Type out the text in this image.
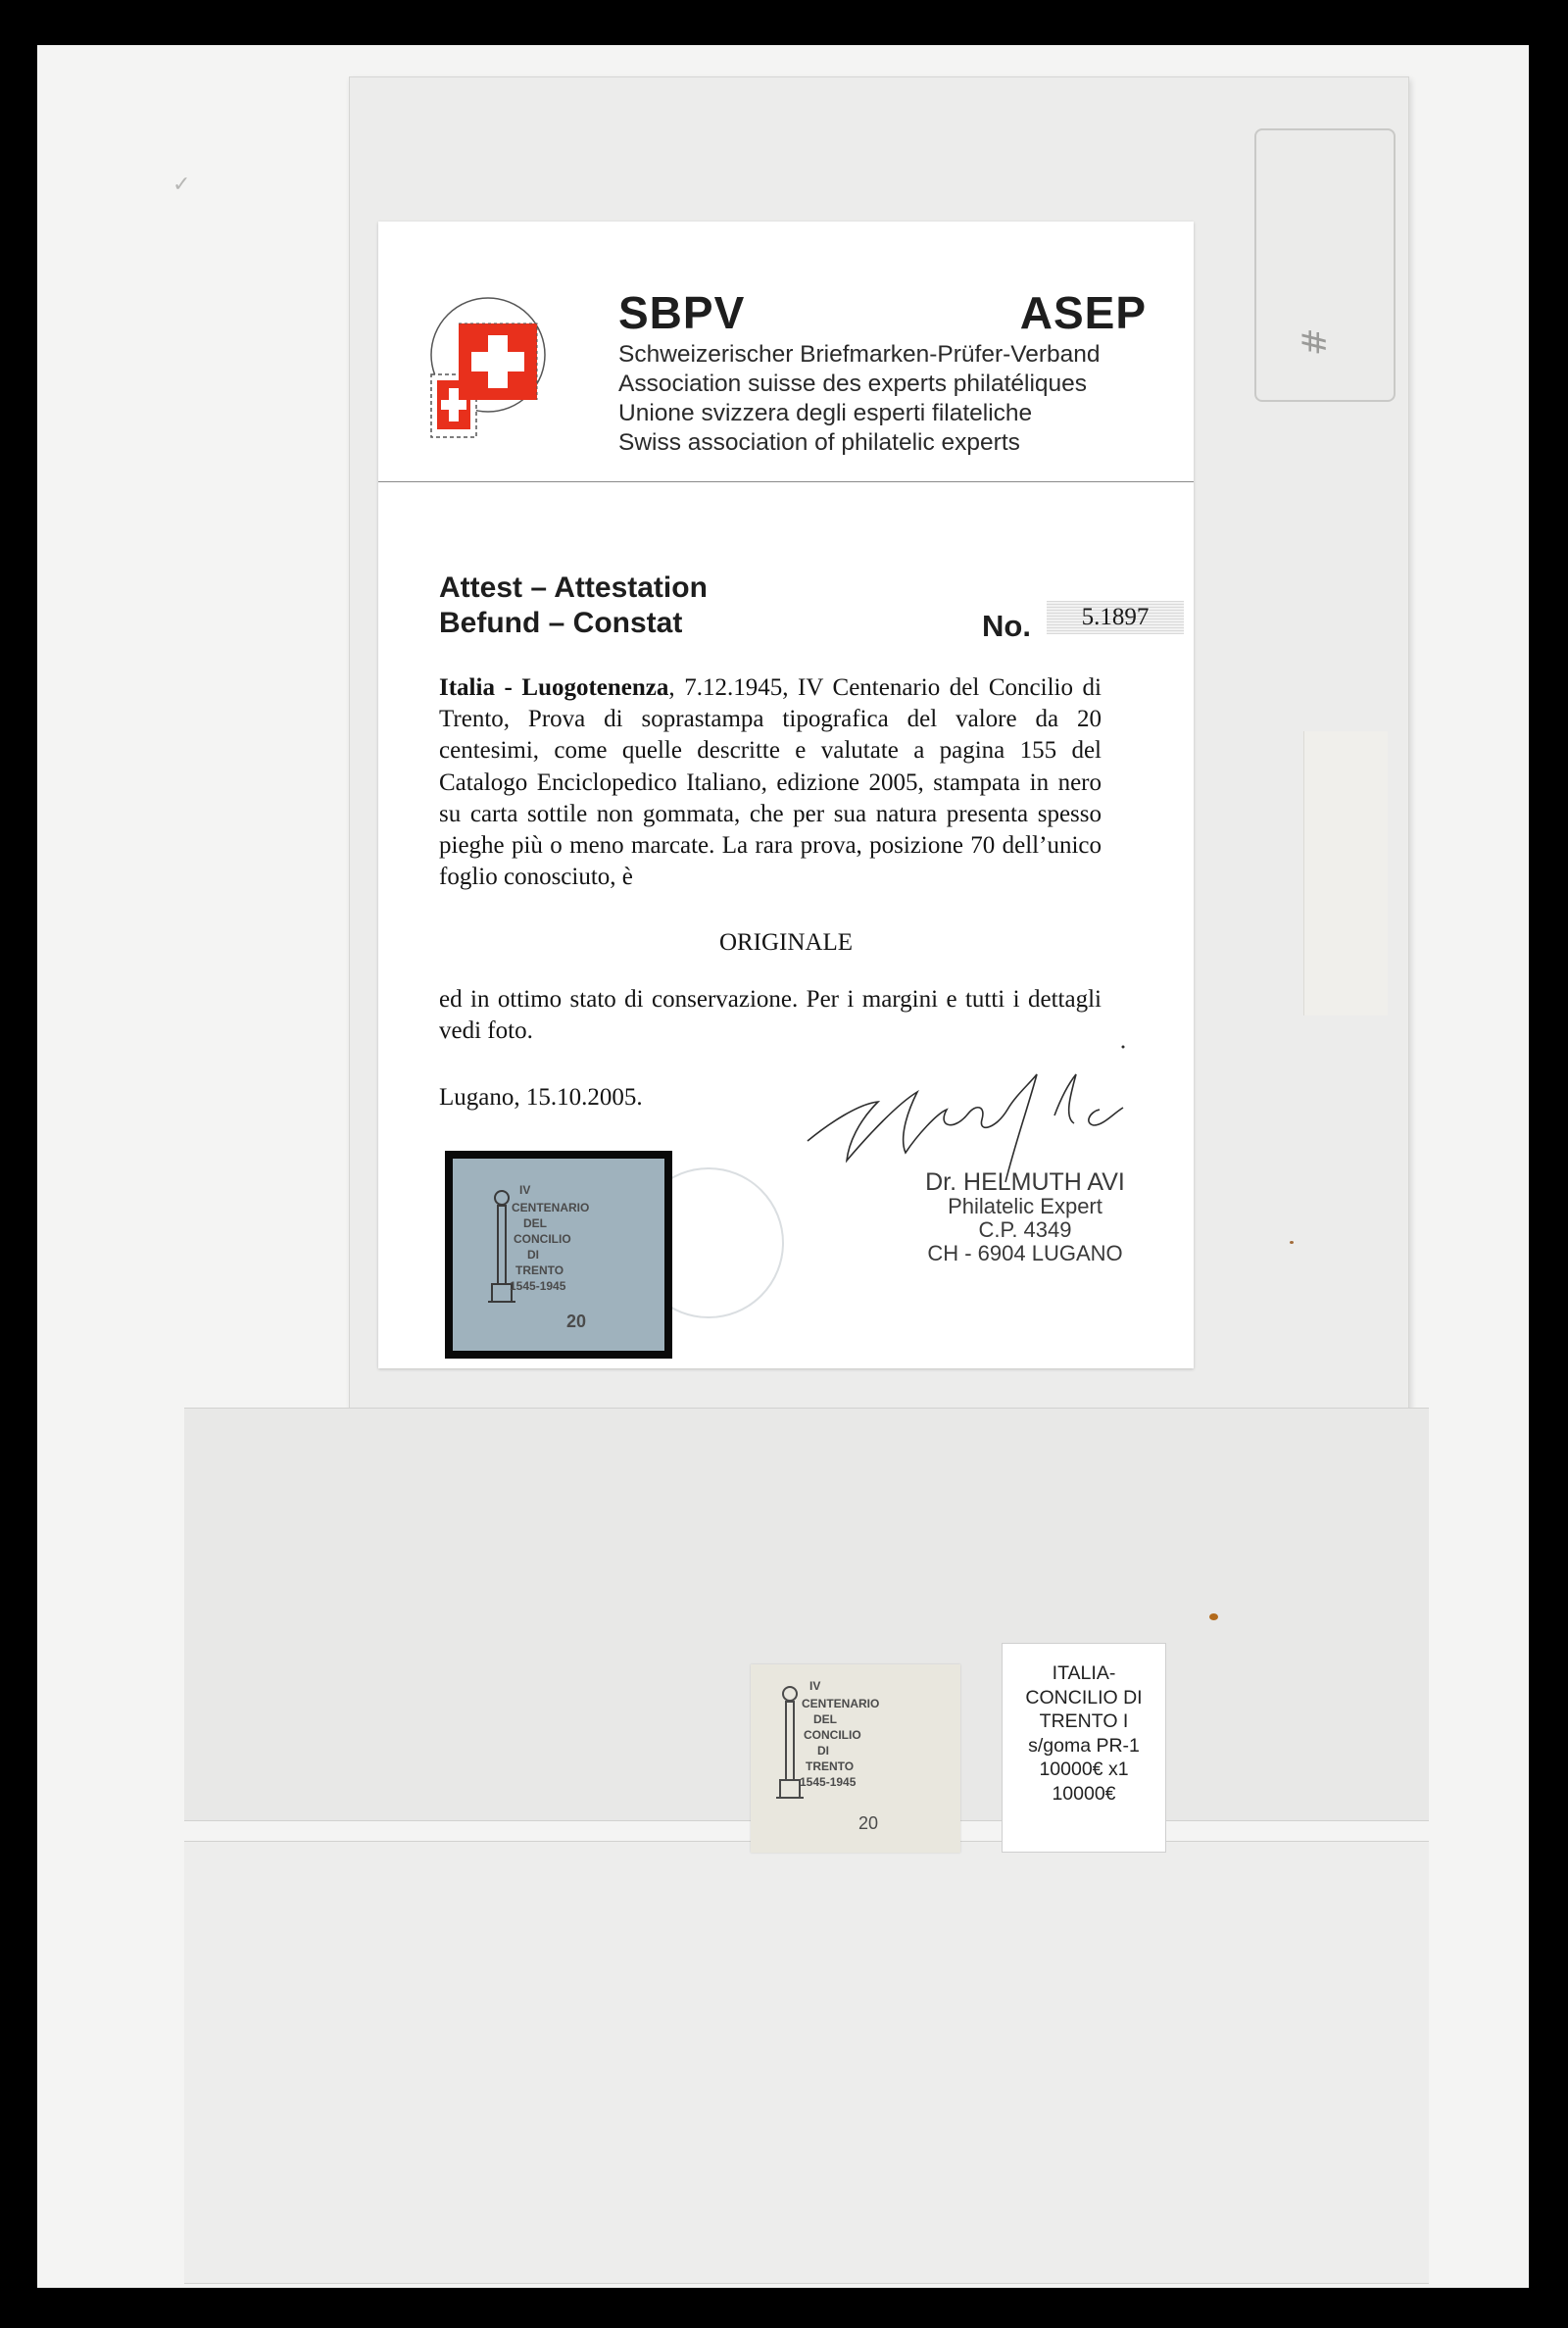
✓
#
SBPV	ASEP
Schweizerischer Briefmarken-Prüfer-Verband
Association suisse des experts philatéliques
Unione svizzera degli esperti filateliche
Swiss association of philatelic experts
Attest – Attestation
Befund – Constat	No.	5.1897
Italia - Luogotenenza, 7.12.1945, IV Centenario del Concilio di Trento, Prova di soprastampa tipografica del valore da 20 centesimi, come quelle descritte e valutate a pagina 155 del Catalogo Enciclopedico Italiano, edizione 2005, stampata in nero su carta sottile non gommata, che per sua natura presenta spesso pieghe più o meno marcate. La rara prova, posizione 70 dell’unico foglio conosciuto, è
ORIGINALE
ed in ottimo stato di conservazione. Per i margini e tutti i dettagli vedi foto.
Lugano, 15.10.2005.
Dr. HELMUTH AVI
Philatelic Expert
C.P. 4349
CH - 6904 LUGANO
IV
CENTENARIO
DEL
CONCILIO
DI
TRENTO
1545-1945
20
IV
CENTENARIO
DEL
CONCILIO
DI
TRENTO
1545-1945
20
ITALIA-
CONCILIO DI
TRENTO I
s/goma PR-1
10000€ x1
10000€
